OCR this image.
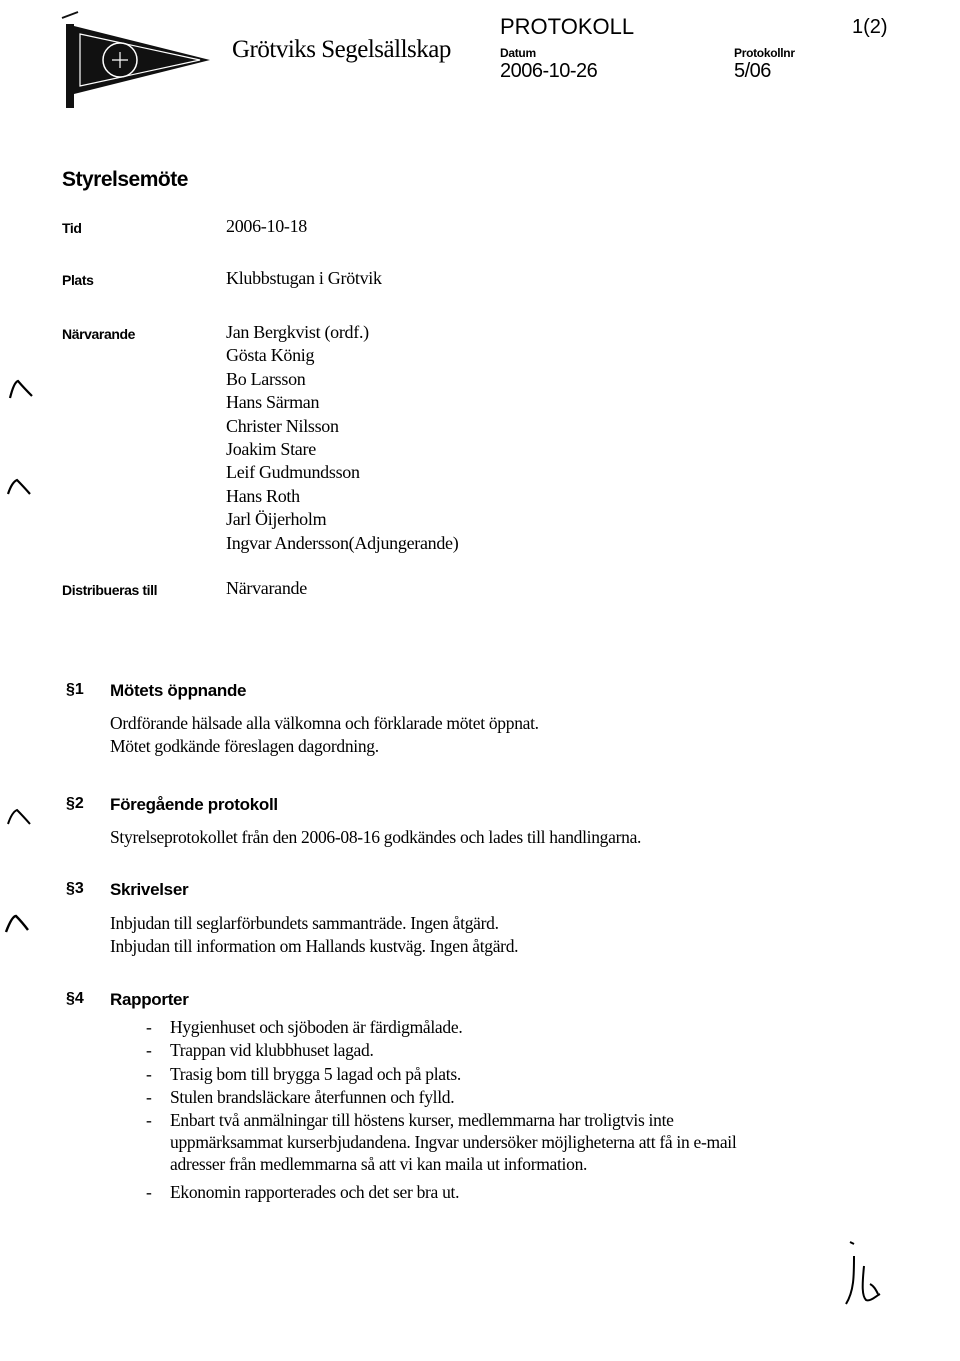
Grötviks Segelsällskap
PROTOKOLL	1(2)
Datum
2006-10-26
Protokollnr
5/06
Styrelsemöte
Tid	2006-10-18
Plats	Klubbstugan i Grötvik
Närvarande	Jan Bergkvist (ordf.)
Gösta König
Bo Larsson
Hans Särman
Christer Nilsson
Joakim Stare
Leif Gudmundsson
Hans Roth
Jarl Öijerholm
Ingvar Andersson(Adjungerande)
Distribueras till	Närvarande
§1 Mötets öppnande
Ordförande hälsade alla välkomna och förklarade mötet öppnat.
Mötet godkände föreslagen dagordning.
§2 Föregående protokoll
Styrelseprotokollet från den 2006-08-16 godkändes och lades till handlingarna.
§3 Skrivelser
Inbjudan till seglarförbundets sammanträde. Ingen åtgärd.
Inbjudan till information om Hallands kustväg. Ingen åtgärd.
§4 Rapporter
- Hygienhuset och sjöboden är färdigmålade.
- Trappan vid klubbhuset lagad.
- Trasig bom till brygga 5 lagad och på plats.
- Stulen brandsläckare återfunnen och fylld.
- Enbart två anmälningar till höstens kurser, medlemmarna har troligtvis inte uppmärksammat kurserbjudandena. Ingvar undersöker möjligheterna att få in e-mail adresser från medlemmarna så att vi kan maila ut information.
- Ekonomin rapporterades och det ser bra ut.
